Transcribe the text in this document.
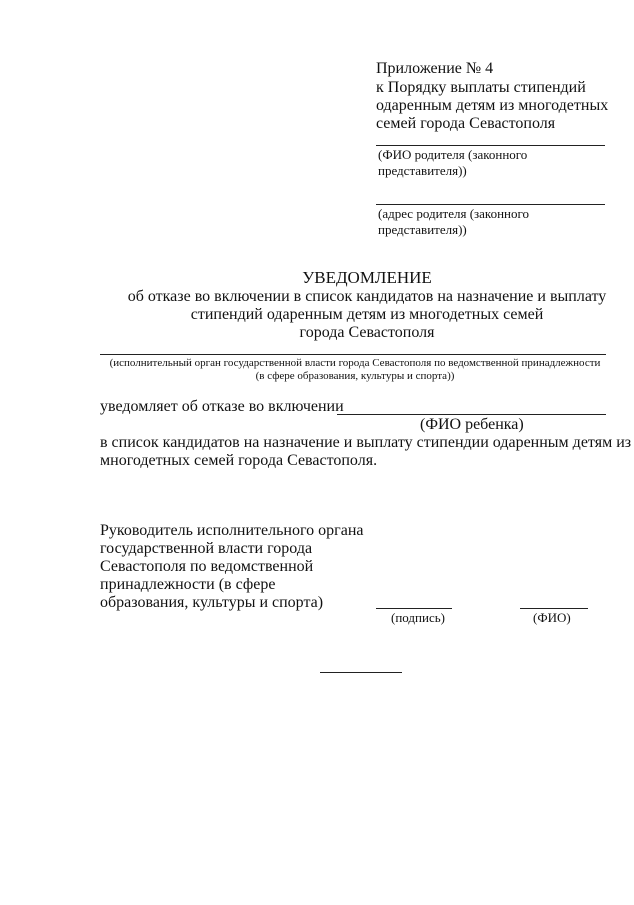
Приложение № 4
к Порядку выплаты стипендий
одаренным детям из многодетных
семей города Севастополя
(ФИО родителя (законного
представителя))
(адрес родителя (законного
представителя))
УВЕДОМЛЕНИЕ
об отказе во включении в список кандидатов на назначение и выплату
стипендий одаренным детям из многодетных семей
города Севастополя
(исполнительный орган государственной власти города Севастополя по ведомственной принадлежности
(в сфере образования, культуры и спорта))
уведомляет об отказе во включении
(ФИО ребенка)
в список кандидатов на назначение и выплату стипендии одаренным детям из
многодетных семей города Севастополя.
Руководитель исполнительного органа
государственной власти города
Севастополя по ведомственной
принадлежности (в сфере
образования, культуры и спорта)
(подпись)	(ФИО)
